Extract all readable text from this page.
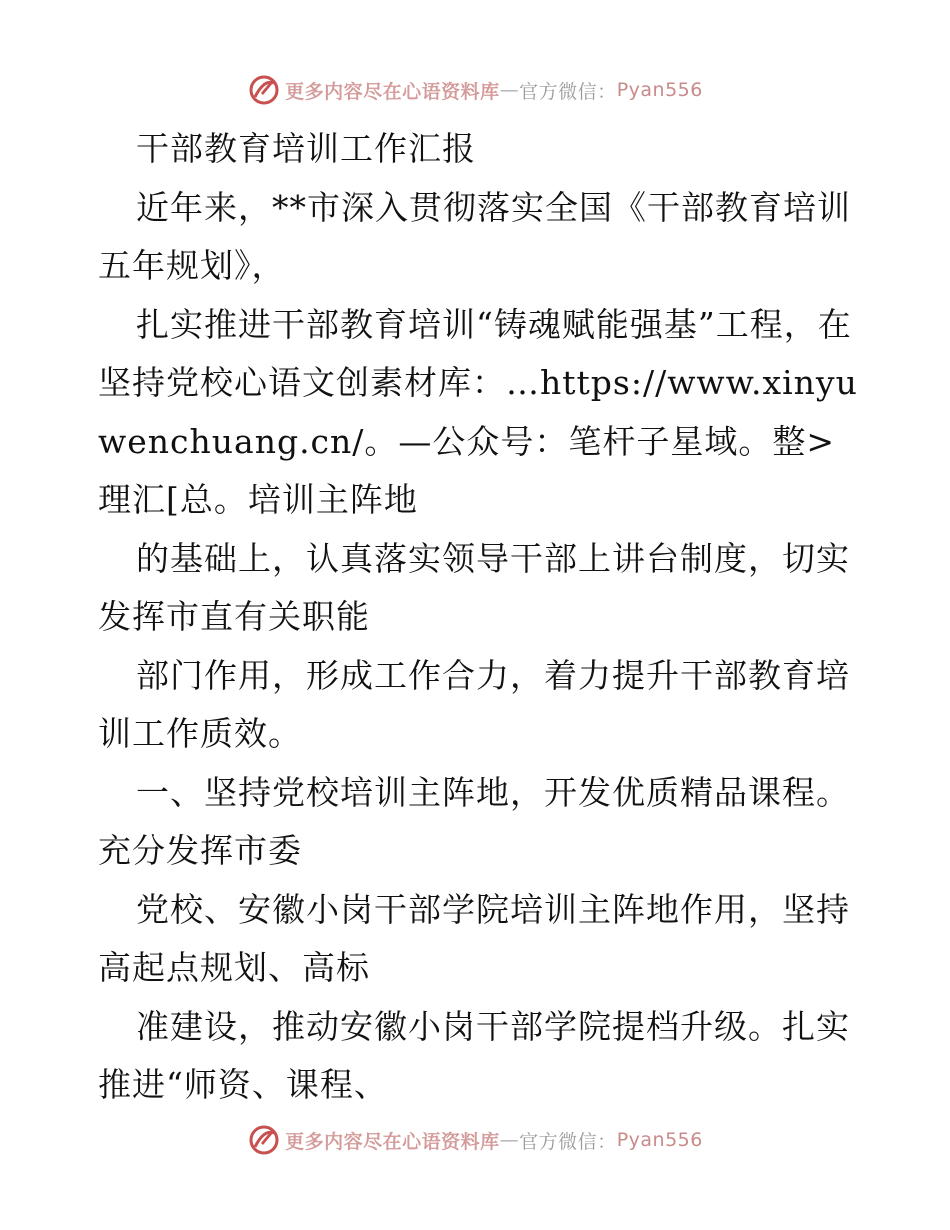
更多内容尽在心语资料库 — 官方微信： Pyan556

干部教育培训工作汇报

近年来，**市深入贯彻落实全国《干部教育培训五年规划》，

扎实推进干部教育培训“铸魂赋能强基”工程，在坚持党校心语文创素材库：…https://www.xinyuwenchuang.cn/。—公众号：笔杆子星域。整>理汇[总。培训主阵地

的基础上，认真落实领导干部上讲台制度，切实发挥市直有关职能

部门作用，形成工作合力，着力提升干部教育培训工作质效。

一、坚持党校培训主阵地，开发优质精品课程。充分发挥市委

党校、安徽小岗干部学院培训主阵地作用，坚持高起点规划、高标

准建设，推动安徽小岗干部学院提档升级。扎实推进“师资、课程、

更多内容尽在心语资料库 — 官方微信： Pyan556
